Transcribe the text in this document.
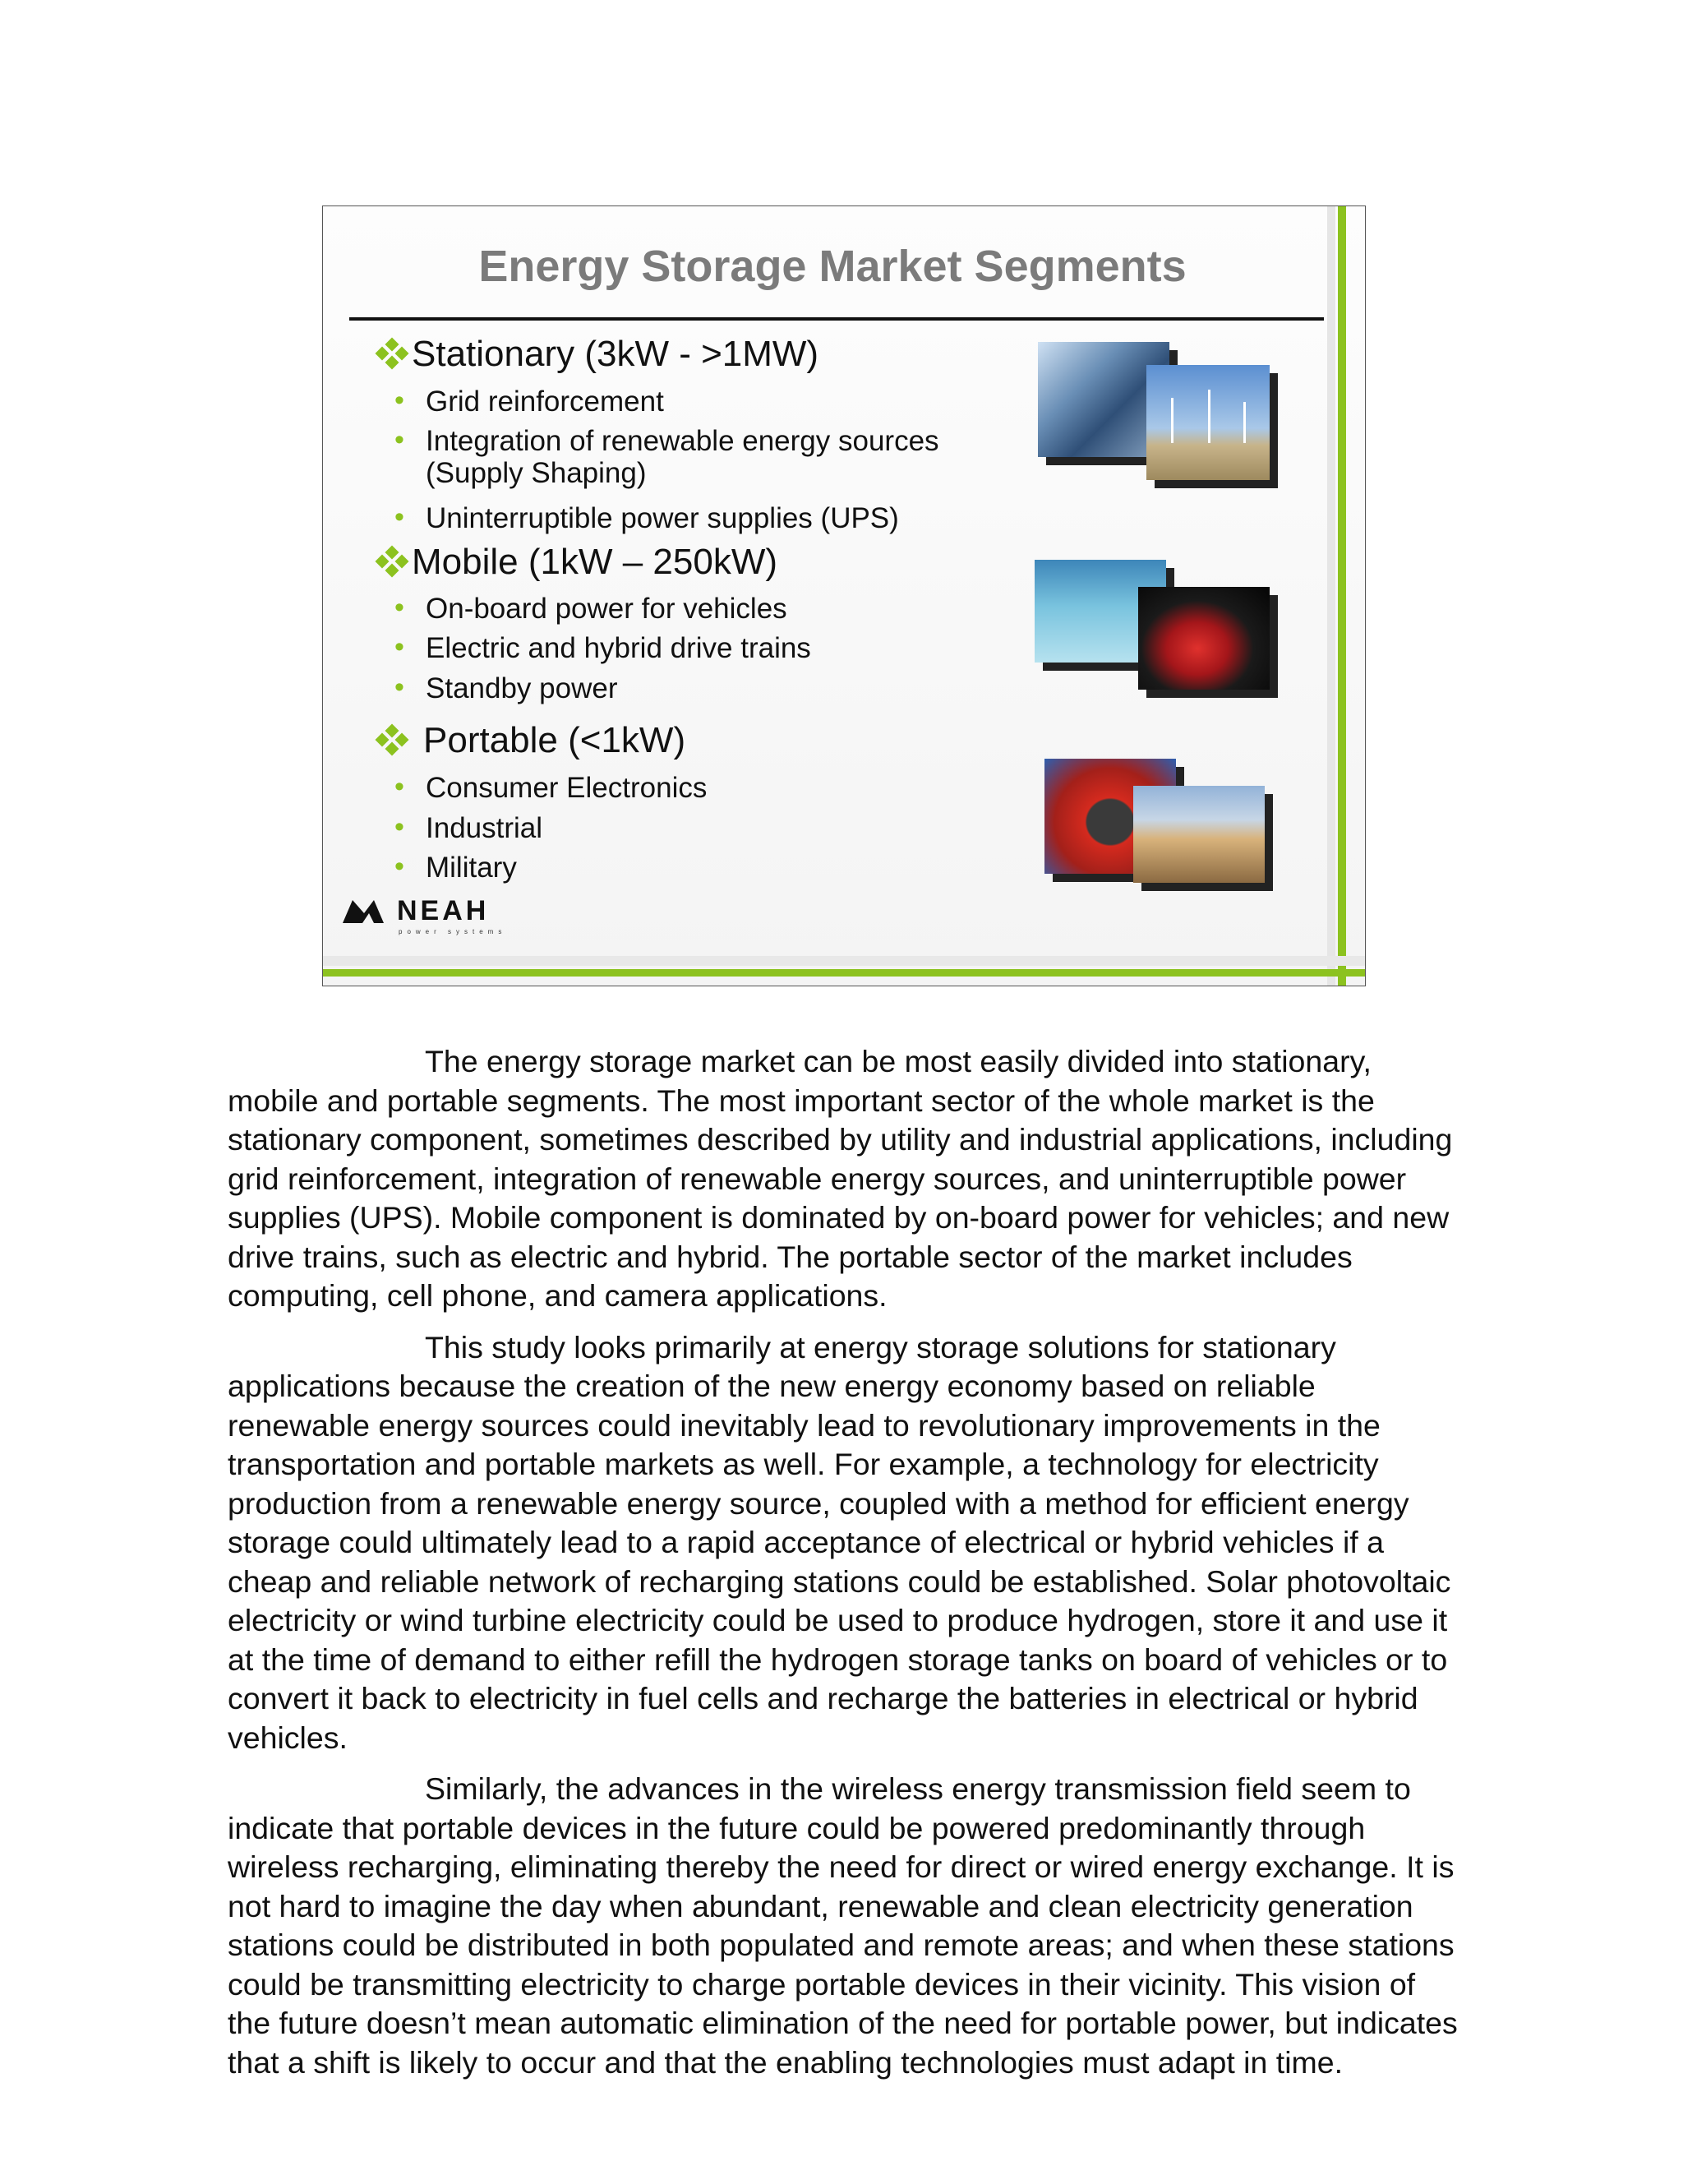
Energy Storage Market Segments
Stationary (3kW - >1MW)
• Grid reinforcement
• Integration of renewable energy sources
(Supply Shaping)
• Uninterruptible power supplies (UPS)
Mobile (1kW – 250kW)
• On-board power for vehicles
• Electric and hybrid drive trains
• Standby power
Portable (<1kW)
• Consumer Electronics
• Industrial
• Military
NEAH
power systems

The energy storage market can be most easily divided into stationary, mobile and portable segments. The most important sector of the whole market is the stationary component, sometimes described by utility and industrial applications, including grid reinforcement, integration of renewable energy sources, and uninterruptible power supplies (UPS). Mobile component is dominated by on-board power for vehicles; and new drive trains, such as electric and hybrid. The portable sector of the market includes computing, cell phone, and camera applications.

This study looks primarily at energy storage solutions for stationary applications because the creation of the new energy economy based on reliable renewable energy sources could inevitably lead to revolutionary improvements in the transportation and portable markets as well. For example, a technology for electricity production from a renewable energy source, coupled with a method for efficient energy storage could ultimately lead to a rapid acceptance of electrical or hybrid vehicles if a cheap and reliable network of recharging stations could be established. Solar photovoltaic electricity or wind turbine electricity could be used to produce hydrogen, store it and use it at the time of demand to either refill the hydrogen storage tanks on board of vehicles or to convert it back to electricity in fuel cells and recharge the batteries in electrical or hybrid vehicles.

Similarly, the advances in the wireless energy transmission field seem to indicate that portable devices in the future could be powered predominantly through wireless recharging, eliminating thereby the need for direct or wired energy exchange. It is not hard to imagine the day when abundant, renewable and clean electricity generation stations could be distributed in both populated and remote areas; and when these stations could be transmitting electricity to charge portable devices in their vicinity. This vision of the future doesn’t mean automatic elimination of the need for portable power, but indicates that a shift is likely to occur and that the enabling technologies must adapt in time.
